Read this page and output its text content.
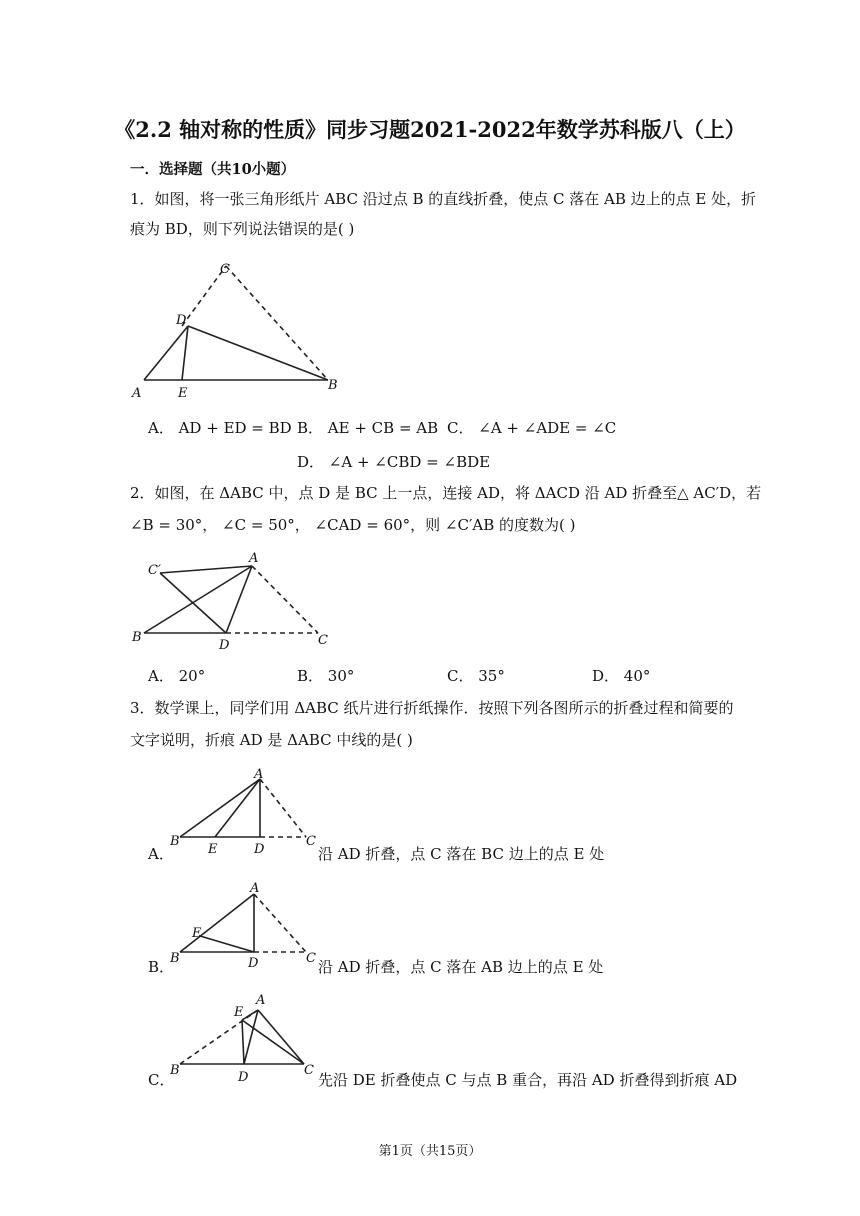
《2.2 轴对称的性质》同步习题2021-2022年数学苏科版八（上）
一．选择题（共10小题）
1．如图，将一张三角形纸片 ABC 沿过点 B 的直线折叠，使点 C 落在 AB 边上的点 E 处，折
痕为 BD，则下列说法错误的是( )
C
D
A	E
B
A． AD + ED = BD B． AE + CB = AB C． ∠A + ∠ADE = ∠C
D． ∠A + ∠CBD = ∠BDE
2．如图，在 ΔABC 中，点 D 是 BC 上一点，连接 AD，将 ΔACD 沿 AD 折叠至△ AC′D，若
∠B = 30°， ∠C = 50°， ∠CAD = 60°，则 ∠C′AB 的度数为( )
C′
A
B
D	C
A． 20°	B． 30°	C． 35°	D． 40°
3．数学课上，同学们用 ΔABC 纸片进行折纸操作．按照下列各图所示的折叠过程和简要的
文字说明，折痕 AD 是 ΔABC 中线的是( )
A．
A
B
E	D
C
沿 AD 折叠，点 C 落在 BC 边上的点 E 处
B．
A
E
B	D	C 沿 AD 折叠，点 C 落在 AB 边上的点 E 处
C．
A
E
B	D	C
先沿 DE 折叠使点 C 与点 B 重合，再沿 AD 折叠得到折痕 AD
第1页（共15页）
